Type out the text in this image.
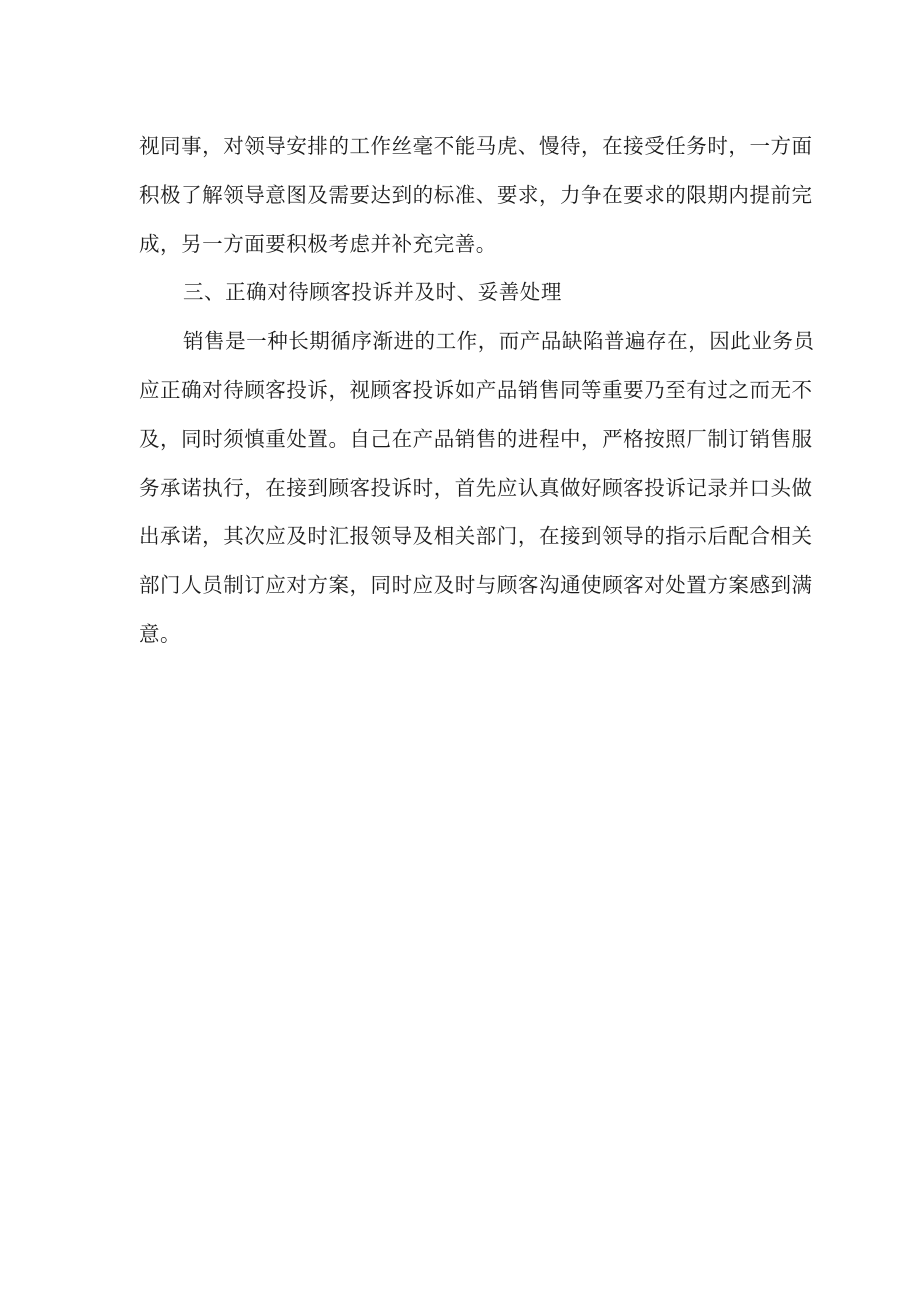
视同事，对领导安排的工作丝毫不能马虎、慢待，在接受任务时，一方面
积极了解领导意图及需要达到的标准、要求，力争在要求的限期内提前完
成，另一方面要积极考虑并补充完善。
三、正确对待顾客投诉并及时、妥善处理
销售是一种长期循序渐进的工作，而产品缺陷普遍存在，因此业务员
应正确对待顾客投诉，视顾客投诉如产品销售同等重要乃至有过之而无不
及，同时须慎重处置。自己在产品销售的进程中，严格按照厂制订销售服
务承诺执行，在接到顾客投诉时，首先应认真做好顾客投诉记录并口头做
出承诺，其次应及时汇报领导及相关部门，在接到领导的指示后配合相关
部门人员制订应对方案，同时应及时与顾客沟通使顾客对处置方案感到满
意。
